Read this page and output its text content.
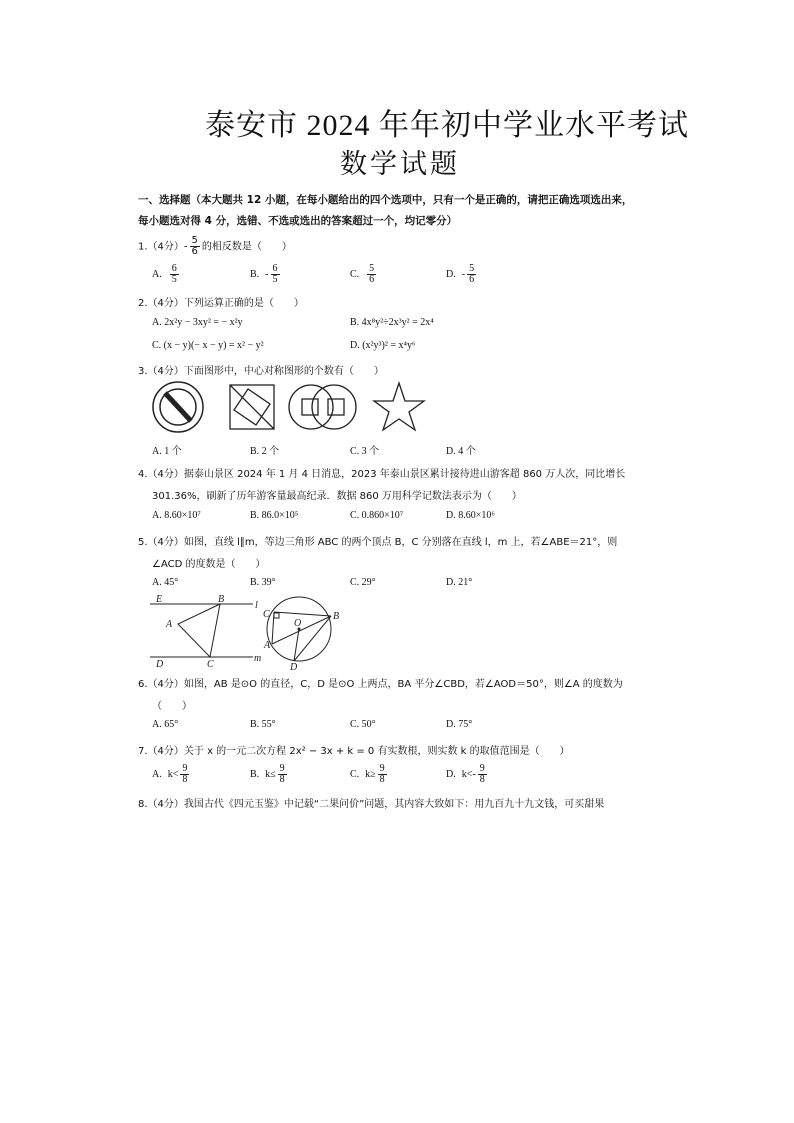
泰安市 2024 年年初中学业水平考试
数学试题
一、选择题（本大题共 12 小题，在每小题给出的四个选项中，只有一个是正确的，请把正确选项选出来，
每小题选对得 4 分，选错、不选或选出的答案超过一个，均记零分）
1.（4分）- $\frac{5}{6}$ 的相反数是（　　）
A. $\frac{6}{5}$	B. - $\frac{6}{5}$	C. $\frac{5}{6}$	D. - $\frac{5}{6}$
2.（4分）下列运算正确的是（　　）
A. 2x²y − 3xy² = − x²y	B. 4x⁸y²÷2x³y² = 2x⁴
C. (x − y)(− x − y) = x² − y²	D. (x²y³)² = x⁴y⁶
3.（4分）下面图形中，中心对称图形的个数有（　　）
A. 1 个	B. 2 个	C. 3 个	D. 4 个
4.（4分）据泰山景区 2024 年 1 月 4 日消息，2023 年泰山景区累计接待进山游客超 860 万人次，同比增长
301.36%，刷新了历年游客量最高纪录．数据 860 万用科学记数法表示为（　　）
A. 8.60×10⁷	B. 86.0×10⁵	C. 0.860×10⁷	D. 8.60×10⁶
5.（4分）如图，直线 l∥m，等边三角形 ABC 的两个顶点 B，C 分别落在直线 l，m 上，若∠ABE＝21°，则
∠ACD 的度数是（　　）
A. 45°	B. 39°	C. 29°	D. 21°
E	B
l
A
D	C
m
C
O
B
A
D
6.（4分）如图，AB 是⊙O 的直径，C，D 是⊙O 上两点，BA 平分∠CBD，若∠AOD＝50°，则∠A 的度数为
（　　）
A. 65°	B. 55°	C. 50°	D. 75°
7.（4分）关于 x 的一元二次方程 2x² − 3x + k = 0 有实数根，则实数 k 的取值范围是（　　）
A. $k< \frac{9}{8}$	B. $k\le \frac{9}{8}$	C. $k\ge \frac{9}{8}$	D. $k<- \frac{9}{8}$
8.（4分）我国古代《四元玉鉴》中记载“二果问价”问题，其内容大致如下：用九百九十九文钱，可买甜果
